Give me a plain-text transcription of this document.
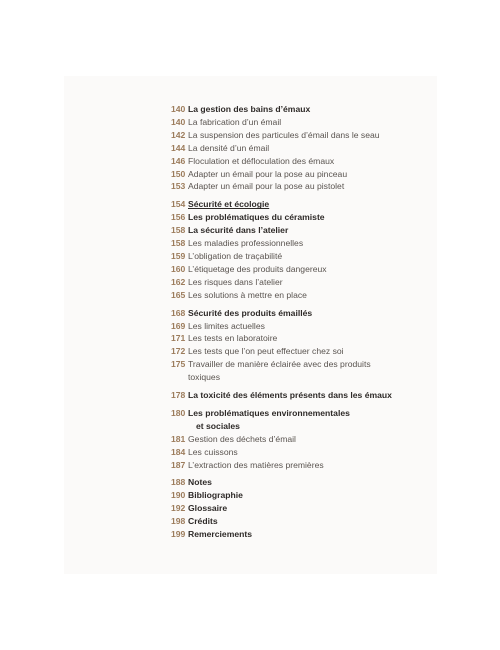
140 La gestion des bains d’émaux
140 La fabrication d’un émail
142 La suspension des particules d’émail dans le seau
144 La densité d’un émail
146 Floculation et défloculation des émaux
150 Adapter un émail pour la pose au pinceau
153 Adapter un émail pour la pose au pistolet
154 Sécurité et écologie
156 Les problématiques du céramiste
158 La sécurité dans l’atelier
158 Les maladies professionnelles
159 L’obligation de traçabilité
160 L’étiquetage des produits dangereux
162 Les risques dans l’atelier
165 Les solutions à mettre en place
168 Sécurité des produits émaillés
169 Les limites actuelles
171 Les tests en laboratoire
172 Les tests que l’on peut effectuer chez soi
175 Travailler de manière éclairée avec des produits
toxiques
178 La toxicité des éléments présents dans les émaux
180 Les problématiques environnementales
et sociales
181 Gestion des déchets d’émail
184 Les cuissons
187 L’extraction des matières premières
188 Notes
190 Bibliographie
192 Glossaire
198 Crédits
199 Remerciements
